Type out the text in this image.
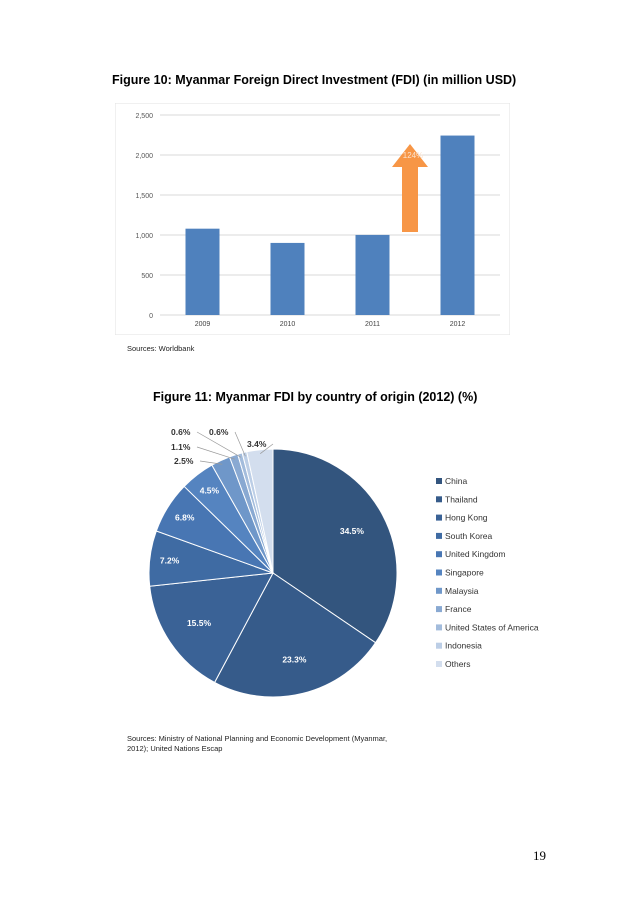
Figure 10: Myanmar Foreign Direct Investment (FDI) (in million USD)
0
500
1,000
1,500
2,000
2,500
2009	2010	2011	2012
124%
Sources: Worldbank
Figure 11: Myanmar FDI by country of origin (2012) (%)
34.5%
23.3%
15.5%
7.2%
6.8%
4.5%
2.5%
1.1%
0.6% 0.6%
3.4%
China
Thailand
Hong Kong
South Korea
United Kingdom
Singapore
Malaysia
France
United States of America
Indonesia
Others
Sources: Ministry of National Planning and Economic Development (Myanmar,
2012); United Nations Escap
19
